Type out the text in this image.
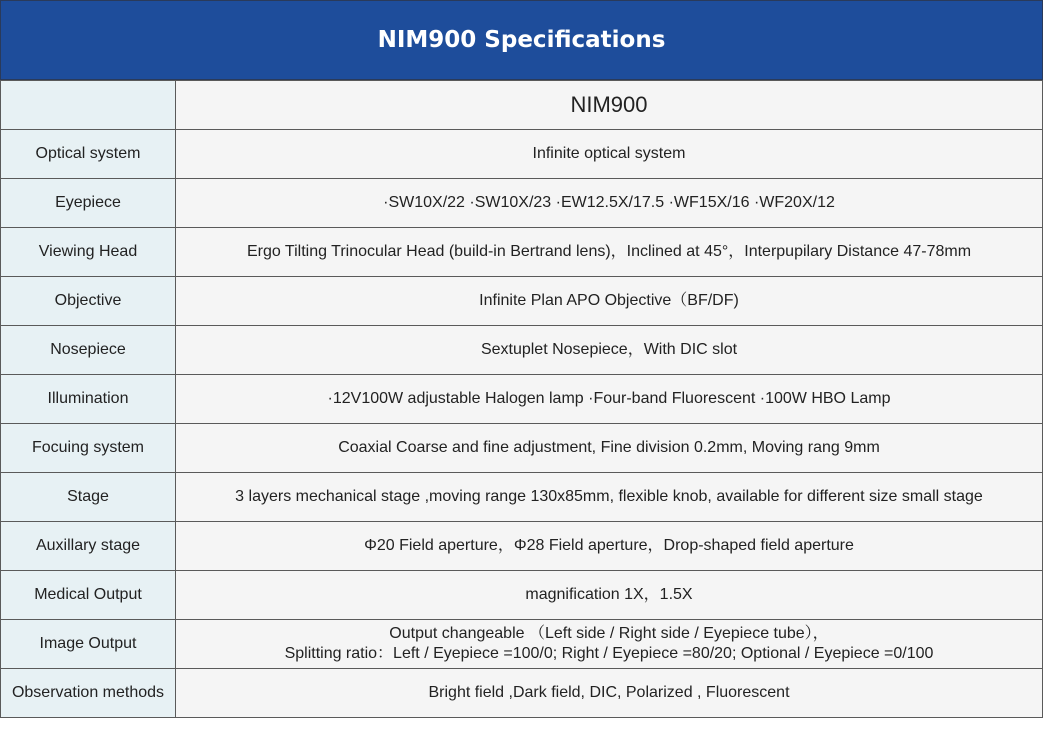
NIM900 Specifications
	NIM900
Optical system	Infinite optical system
Eyepiece	·SW10X/22 ·SW10X/23 ·EW12.5X/17.5 ·WF15X/16 ·WF20X/12
Viewing Head	Ergo Tilting Trinocular Head (build-in Bertrand lens)，Inclined at 45°，Interpupilary Distance 47-78mm
Objective	Infinite Plan APO Objective（BF/DF)
Nosepiece	Sextuplet Nosepiece，With DIC slot
Illumination	·12V100W adjustable Halogen lamp ·Four-band Fluorescent ·100W HBO Lamp
Focuing system	Coaxial Coarse and fine adjustment, Fine division 0.2mm, Moving rang 9mm
Stage	3 layers mechanical stage ,moving range 130x85mm, flexible knob, available for different size small stage
Auxillary stage	Φ20 Field aperture，Φ28 Field aperture，Drop-shaped field aperture
Medical Output	magnification 1X，1.5X
Image Output	Output changeable （Left side / Right side / Eyepiece tube），
Splitting ratio：Left / Eyepiece =100/0; Right / Eyepiece =80/20; Optional / Eyepiece =0/100

Observation methods	Bright field ,Dark field, DIC, Polarized , Fluorescent
